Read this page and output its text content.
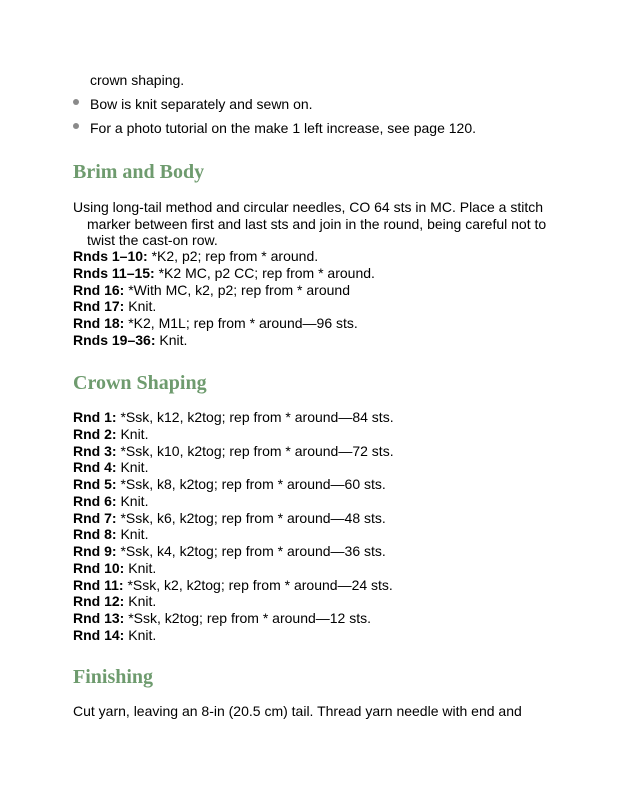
crown shaping.
Bow is knit separately and sewn on.
For a photo tutorial on the make 1 left increase, see page 120.
Brim and Body
Using long-tail method and circular needles, CO 64 sts in MC. Place a stitch marker between first and last sts and join in the round, being careful not to twist the cast-on row.
Rnds 1–10: *K2, p2; rep from * around.
Rnds 11–15: *K2 MC, p2 CC; rep from * around.
Rnd 16: *With MC, k2, p2; rep from * around
Rnd 17: Knit.
Rnd 18: *K2, M1L; rep from * around—96 sts.
Rnds 19–36: Knit.
Crown Shaping
Rnd 1: *Ssk, k12, k2tog; rep from * around—84 sts.
Rnd 2: Knit.
Rnd 3: *Ssk, k10, k2tog; rep from * around—72 sts.
Rnd 4: Knit.
Rnd 5: *Ssk, k8, k2tog; rep from * around—60 sts.
Rnd 6: Knit.
Rnd 7: *Ssk, k6, k2tog; rep from * around—48 sts.
Rnd 8: Knit.
Rnd 9: *Ssk, k4, k2tog; rep from * around—36 sts.
Rnd 10: Knit.
Rnd 11: *Ssk, k2, k2tog; rep from * around—24 sts.
Rnd 12: Knit.
Rnd 13: *Ssk, k2tog; rep from * around—12 sts.
Rnd 14: Knit.
Finishing
Cut yarn, leaving an 8-in (20.5 cm) tail. Thread yarn needle with end and
